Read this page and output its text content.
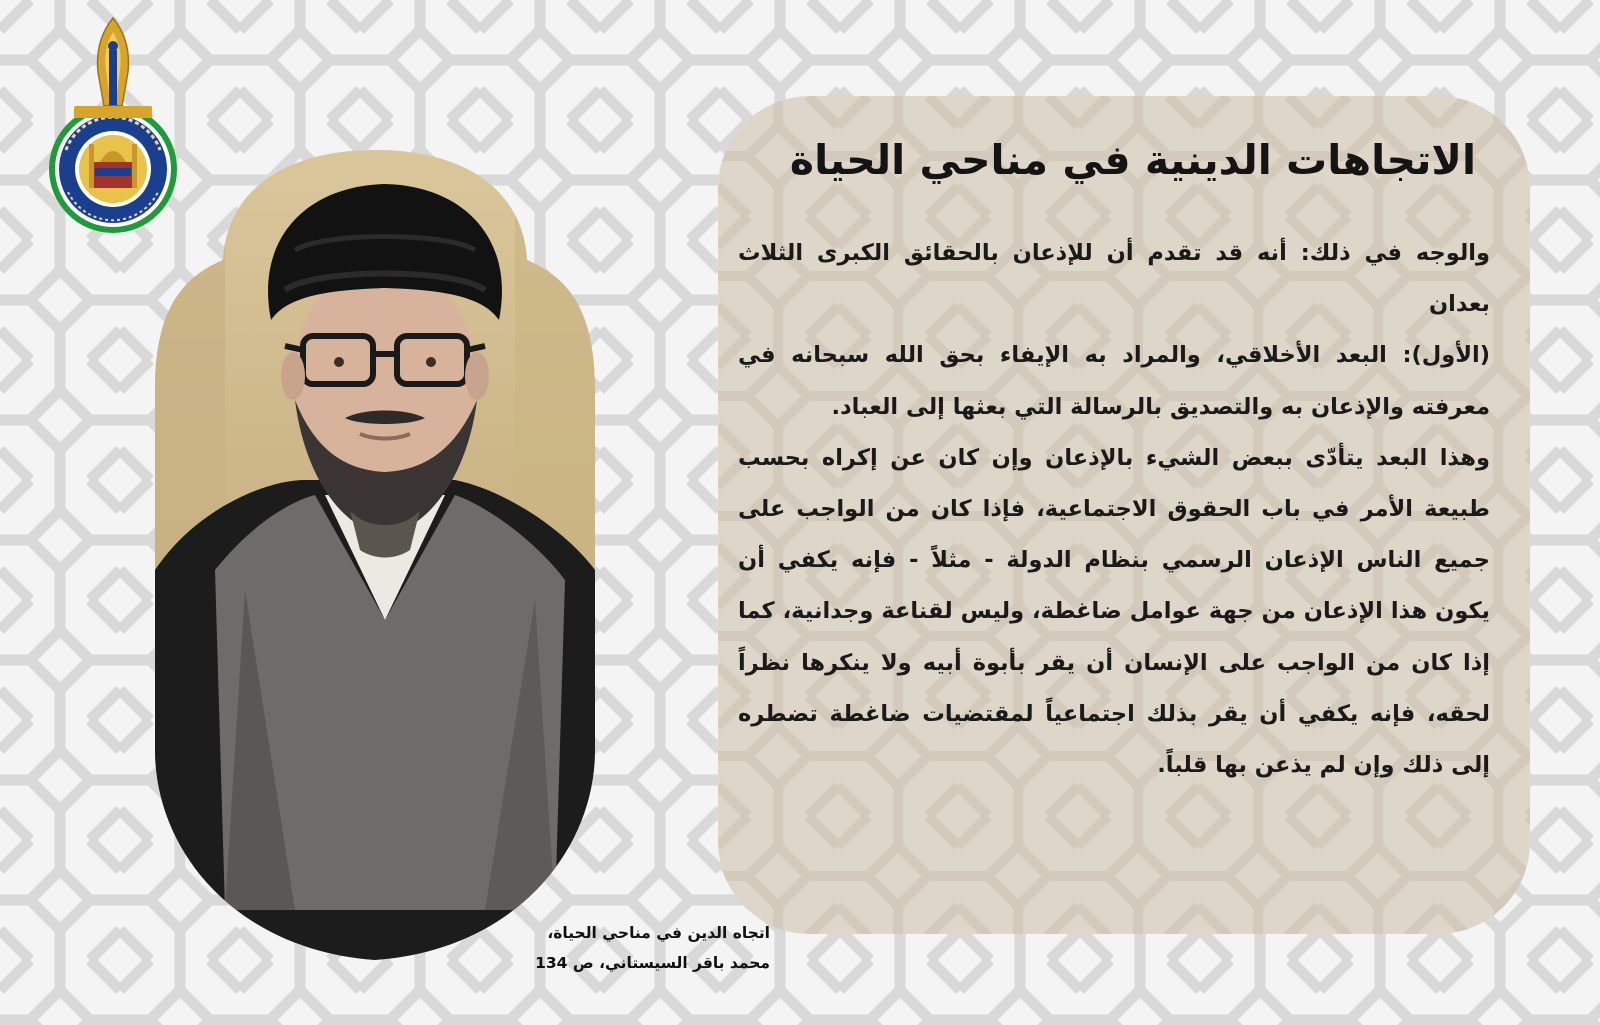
الاتجاهات الدينية في مناحي الحياة

والوجه في ذلك: أنه قد تقدم أن للإذعان بالحقائق الكبرى الثلاث بعدان

(الأول): البعد الأخلاقي، والمراد به الإيفاء بحق الله سبحانه في معرفته والإذعان به والتصديق بالرسالة التي بعثها إلى العباد.

وهذا البعد يتأدّى ببعض الشيء بالإذعان وإن كان عن إكراه بحسب طبيعة الأمر في باب الحقوق الاجتماعية، فإذا كان من الواجب على جميع الناس الإذعان الرسمي بنظام الدولة - مثلاً - فإنه يكفي أن يكون هذا الإذعان من جهة عوامل ضاغطة، وليس لقناعة وجدانية، كما إذا كان من الواجب على الإنسان أن يقر بأبوة أبيه ولا ينكرها نظراً لحقه، فإنه يكفي أن يقر بذلك اجتماعياً لمقتضيات ضاغطة تضطره إلى ذلك وإن لم يذعن بها قلباً.

اتجاه الدين في مناحي الحياة،
محمد باقر السيستاني، ص 134
